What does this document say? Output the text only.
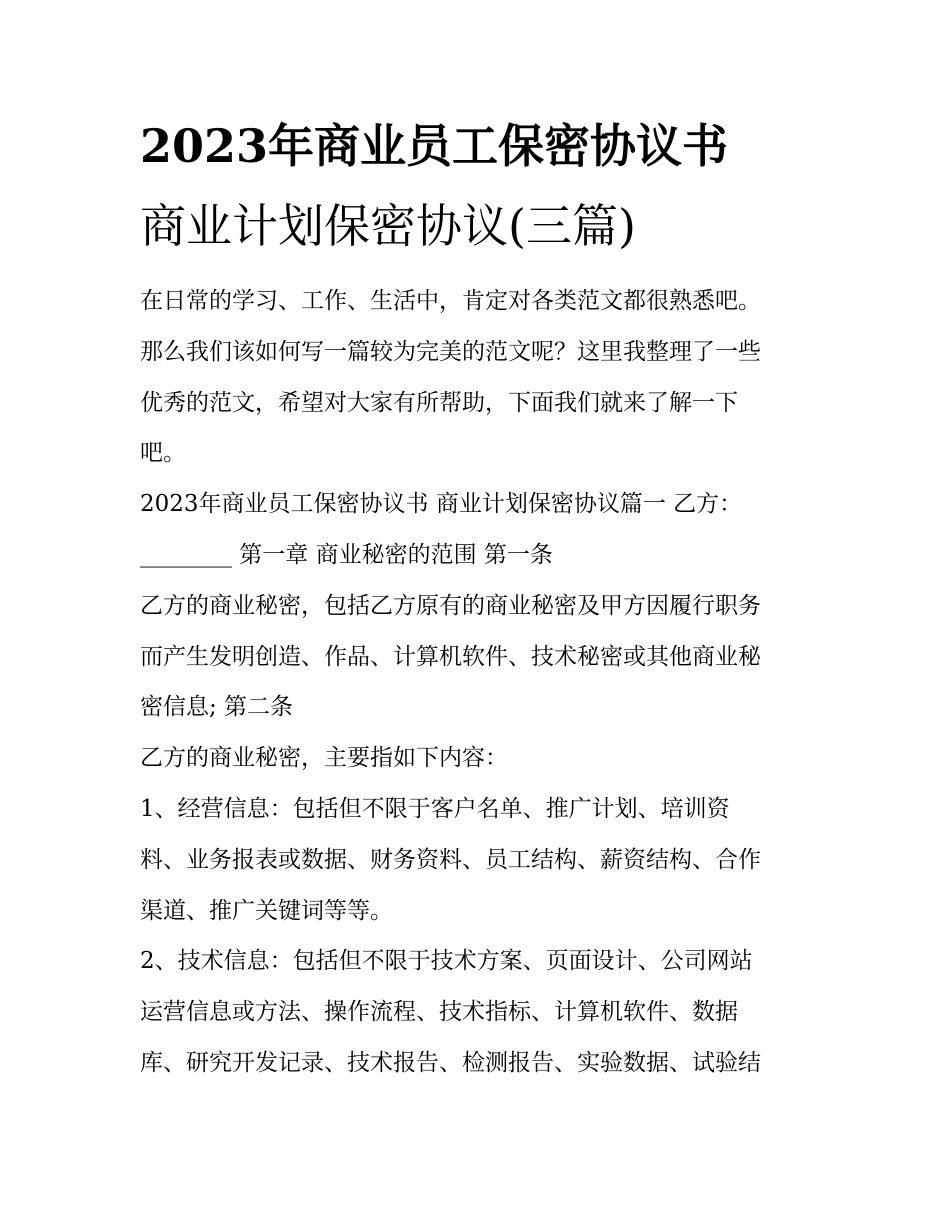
2023年商业员工保密协议书
商业计划保密协议(三篇)
在日常的学习、工作、生活中，肯定对各类范文都很熟悉吧。
那么我们该如何写一篇较为完美的范文呢？这里我整理了一些
优秀的范文，希望对大家有所帮助，下面我们就来了解一下
吧。
2023年商业员工保密协议书 商业计划保密协议篇一 乙方：
________ 第一章 商业秘密的范围 第一条
乙方的商业秘密，包括乙方原有的商业秘密及甲方因履行职务
而产生发明创造、作品、计算机软件、技术秘密或其他商业秘
密信息; 第二条
乙方的商业秘密，主要指如下内容：
1、经营信息：包括但不限于客户名单、推广计划、培训资
料、业务报表或数据、财务资料、员工结构、薪资结构、合作
渠道、推广关键词等等。
2、技术信息：包括但不限于技术方案、页面设计、公司网站
运营信息或方法、操作流程、技术指标、计算机软件、数据
库、研究开发记录、技术报告、检测报告、实验数据、试验结
